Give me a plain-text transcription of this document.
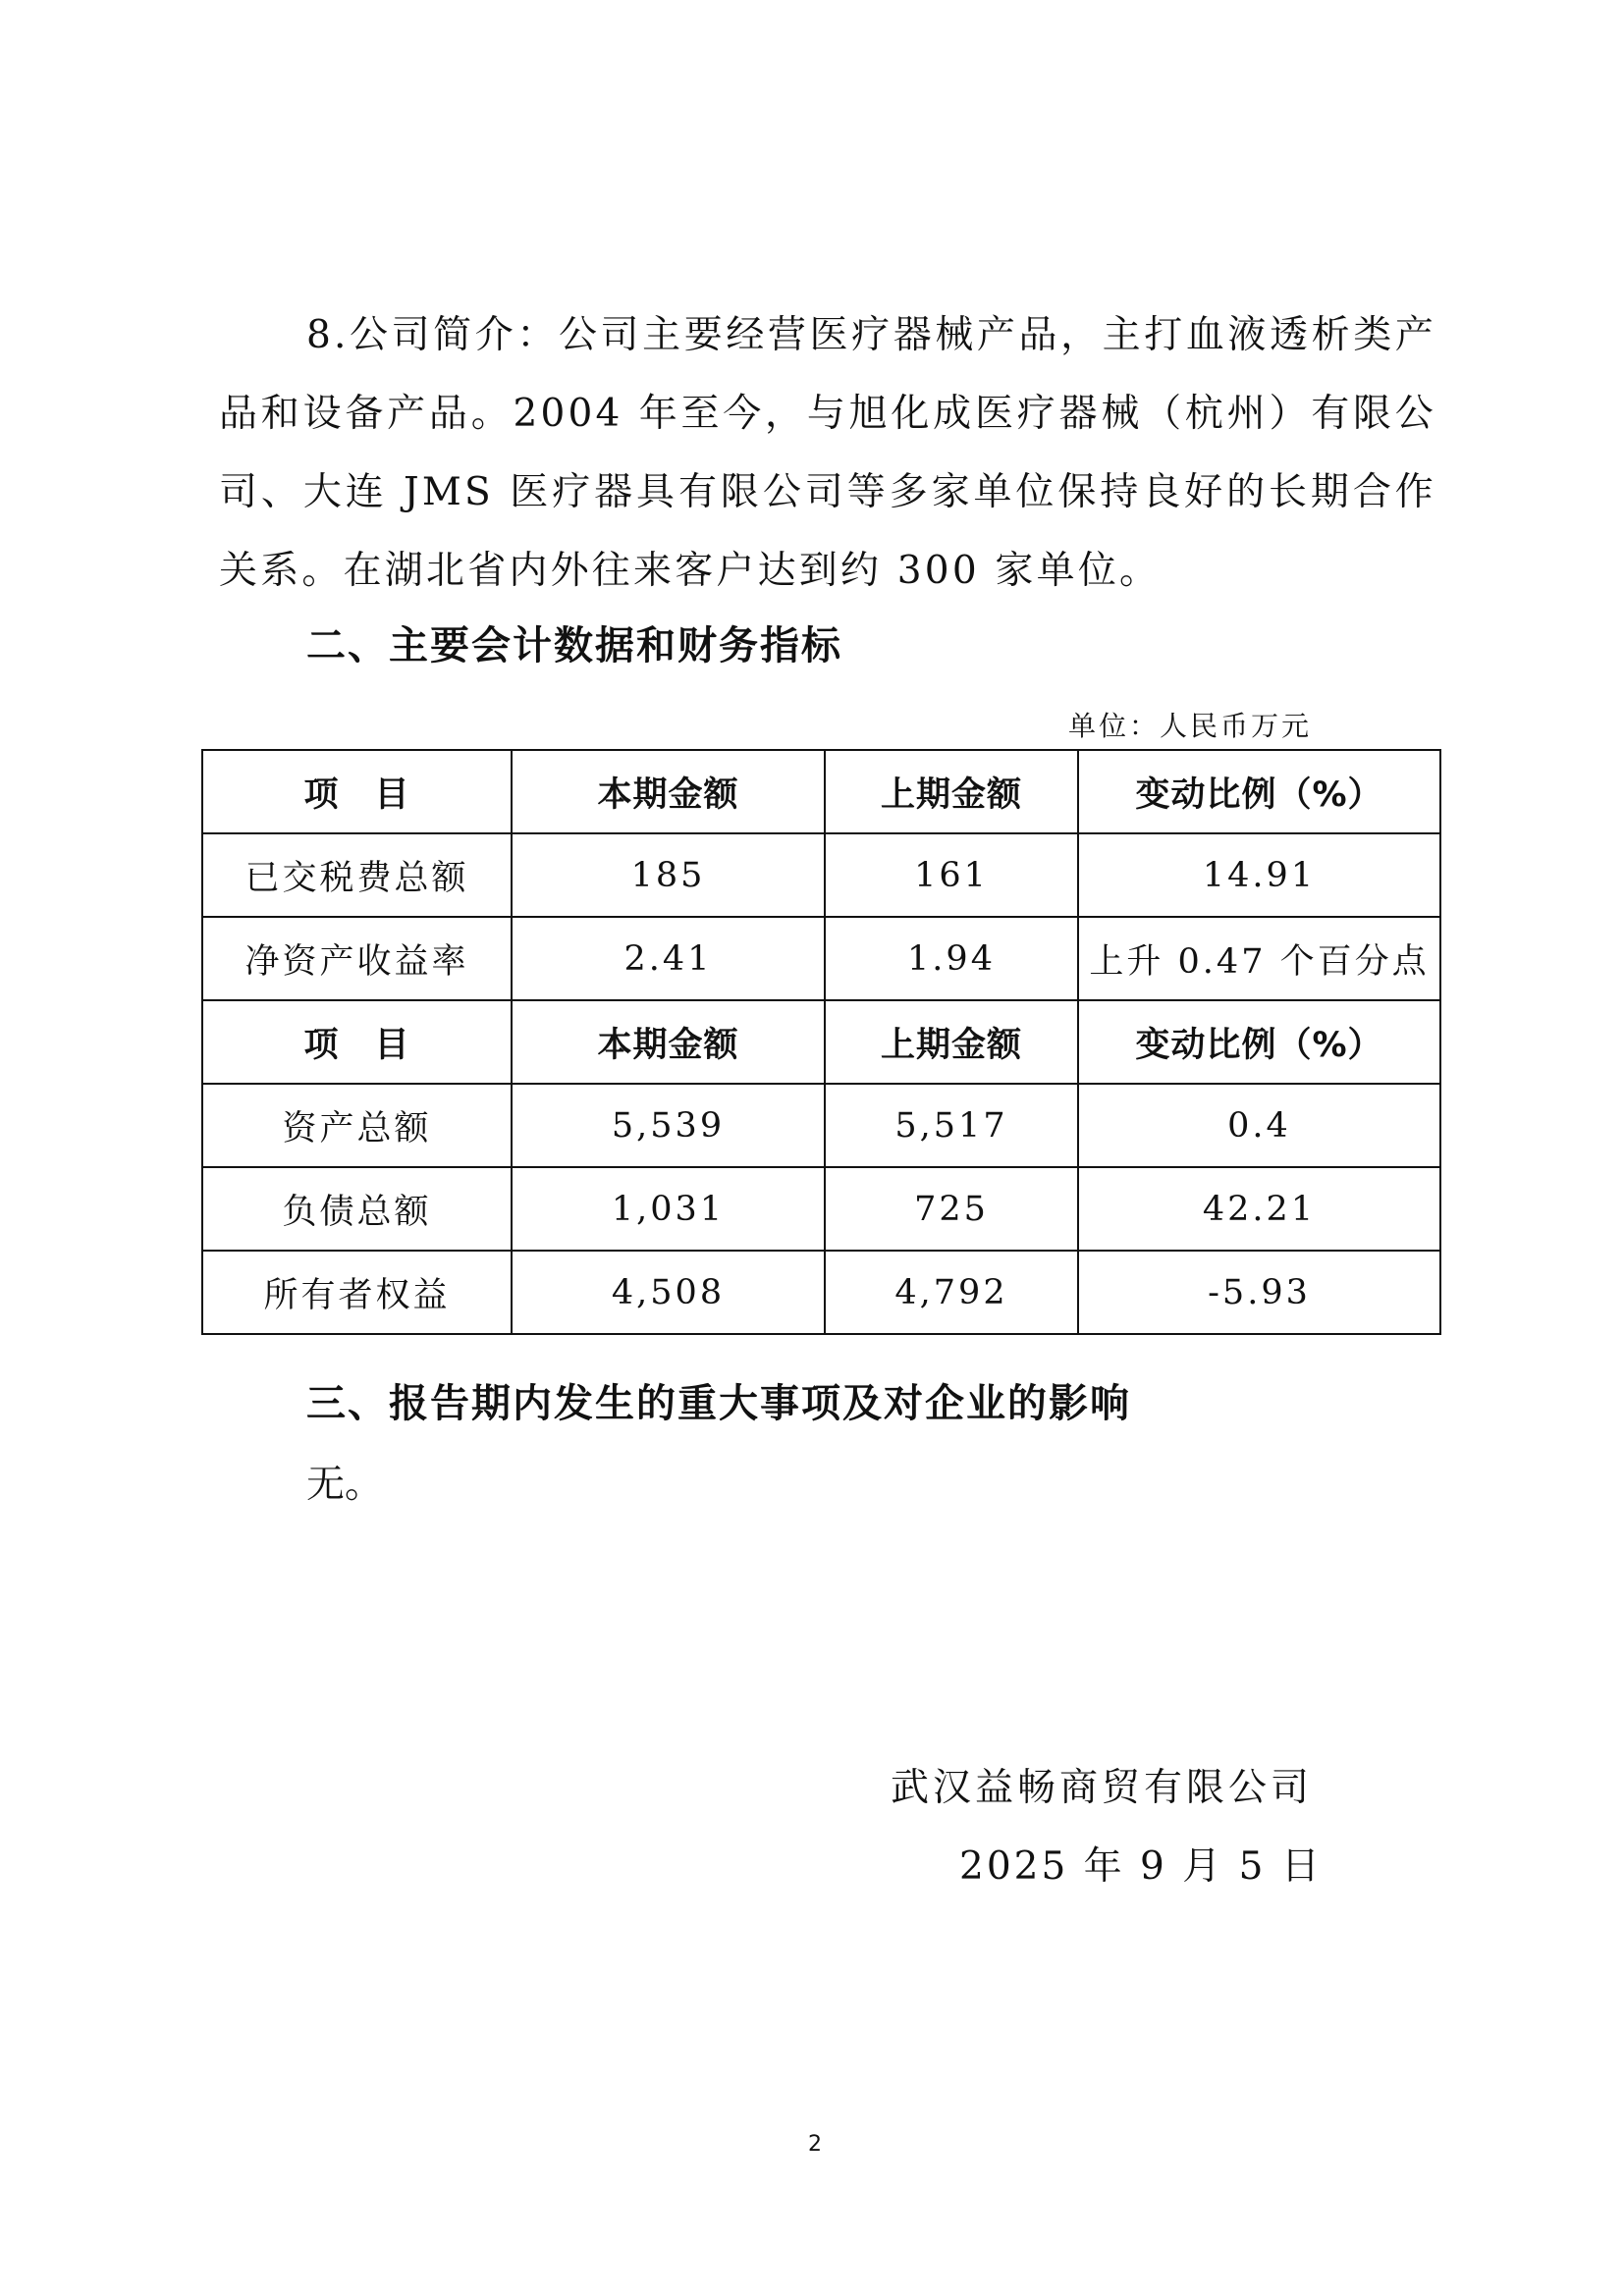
8.公司简介：公司主要经营医疗器械产品，主打血液透析类产品和设备产品。2004 年至今，与旭化成医疗器械（杭州）有限公司、大连 JMS 医疗器具有限公司等多家单位保持良好的长期合作关系。在湖北省内外往来客户达到约 300 家单位。
二、主要会计数据和财务指标
单位：人民币万元
项　目	本期金额	上期金额	变动比例（%）
已交税费总额	185	161	14.91
净资产收益率	2.41	1.94	上升 0.47 个百分点
项　目	本期金额	上期金额	变动比例（%）
资产总额	5,539	5,517	0.4
负债总额	1,031	725	42.21
所有者权益	4,508	4,792	-5.93
三、报告期内发生的重大事项及对企业的影响
无。
武汉益畅商贸有限公司
2025 年 9 月 5 日
2
